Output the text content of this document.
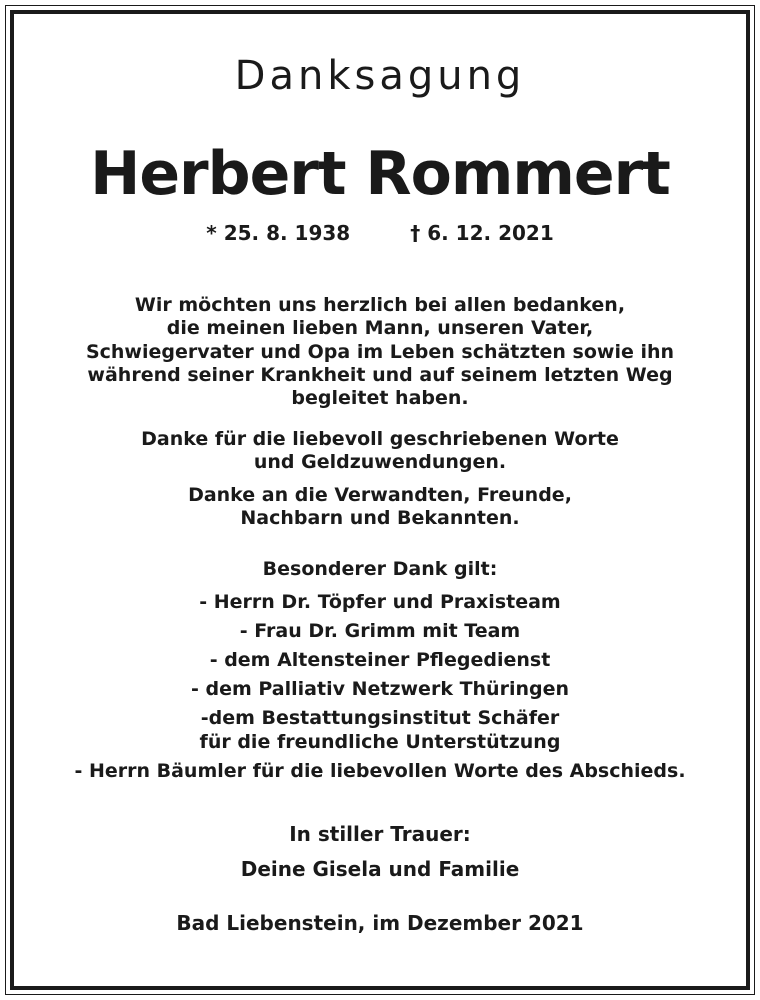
Danksagung
Herbert Rommert
* 25. 8. 1938	† 6. 12. 2021
Wir möchten uns herzlich bei allen bedanken,
die meinen lieben Mann, unseren Vater,
Schwiegervater und Opa im Leben schätzten sowie ihn
während seiner Krankheit und auf seinem letzten Weg
begleitet haben.
Danke für die liebevoll geschriebenen Worte
und Geldzuwendungen.
Danke an die Verwandten, Freunde,
Nachbarn und Bekannten.
Besonderer Dank gilt:
- Herrn Dr. Töpfer und Praxisteam
- Frau Dr. Grimm mit Team
- dem Altensteiner Pflegedienst
- dem Palliativ Netzwerk Thüringen
-dem Bestattungsinstitut Schäfer
für die freundliche Unterstützung
- Herrn Bäumler für die liebevollen Worte des Abschieds.
In stiller Trauer:
Deine Gisela und Familie
Bad Liebenstein, im Dezember 2021
